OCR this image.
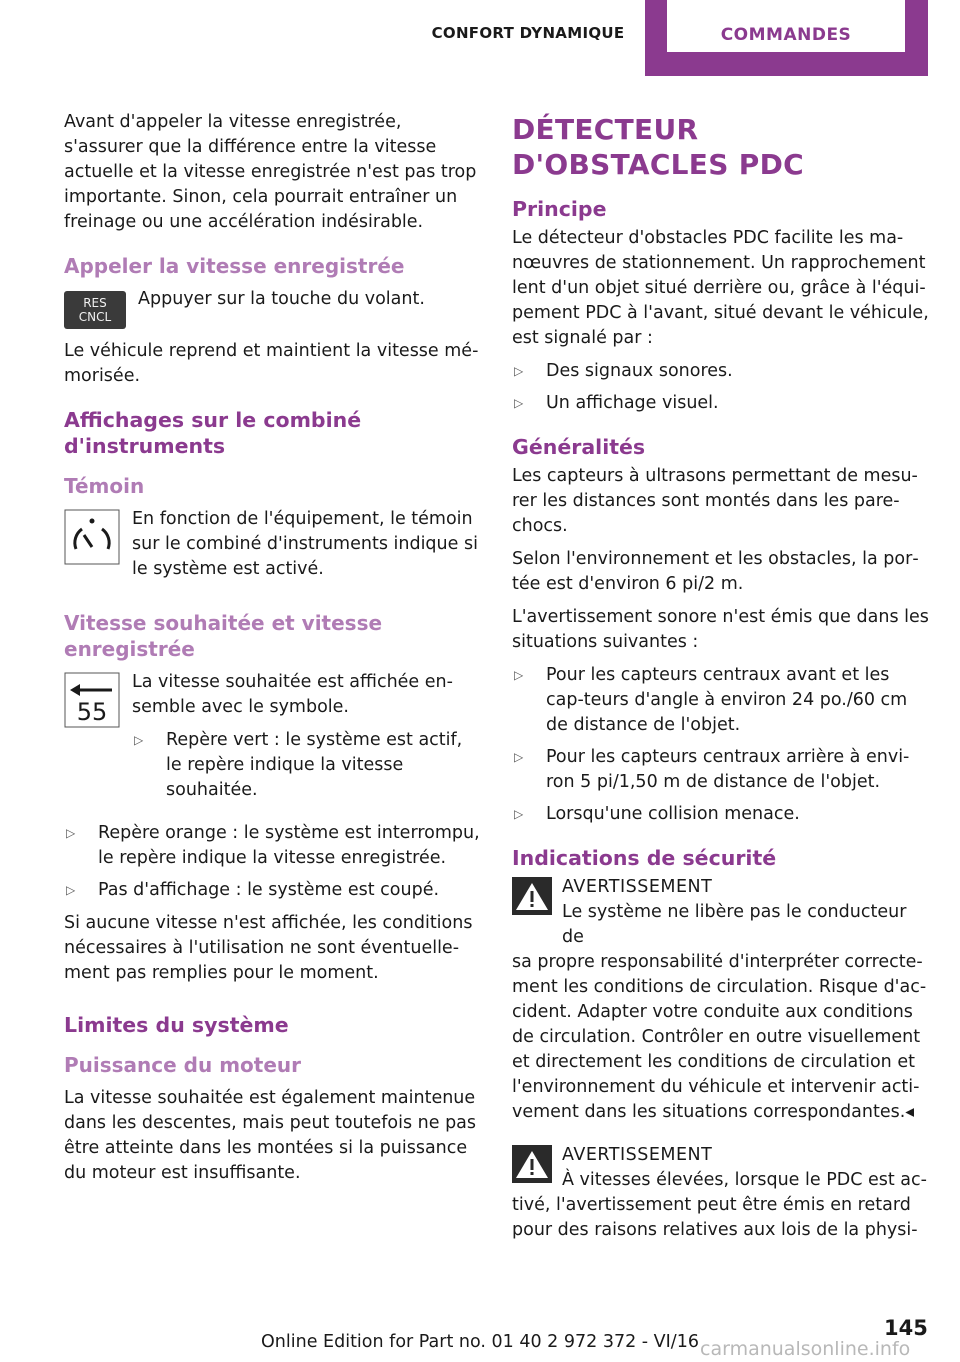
CONFORT DYNAMIQUE	COMMANDES

Avant d'appeler la vitesse enregistrée, s'assurer que la différence entre la vitesse actuelle et la vitesse enregistrée n'est pas trop importante. Sinon, cela pourrait entraîner un freinage ou une accélération indésirable.

Appeler la vitesse enregistrée
RES
CNCL

Appuyer sur la touche du volant.

Le véhicule reprend et maintient la vitesse mé‐morisée.

Affichages sur le combiné d'instruments
Témoin

En fonction de l'équipement, le témoin sur le combiné d'instruments indique si le système est activé.

Vitesse souhaitée et vitesse enregistrée
55

La vitesse souhaitée est affichée en‐semble avec le symbole.

▷ Repère vert : le système est actif, le repère indique la vitesse souhaitée.
▷ Repère orange : le système est interrompu, le repère indique la vitesse enregistrée.
▷ Pas d'affichage : le système est coupé.

Si aucune vitesse n'est affichée, les conditions nécessaires à l'utilisation ne sont éventuelle‐ment pas remplies pour le moment.

Limites du système
Puissance du moteur

La vitesse souhaitée est également maintenue dans les descentes, mais peut toutefois ne pas être atteinte dans les montées si la puissance du moteur est insuffisante.

DÉTECTEUR D'OBSTACLES PDC
Principe

Le détecteur d'obstacles PDC facilite les ma‐nœuvres de stationnement. Un rapprochement lent d'un objet situé derrière ou, grâce à l'équi‐pement PDC à l'avant, situé devant le véhicule, est signalé par :

▷ Des signaux sonores.
▷ Un affichage visuel.
Généralités

Les capteurs à ultrasons permettant de mesu‐rer les distances sont montés dans les pare-chocs.

Selon l'environnement et les obstacles, la por‐tée est d'environ 6 pi/2 m.

L'avertissement sonore n'est émis que dans les situations suivantes :

▷ Pour les capteurs centraux avant et les cap‐teurs d'angle à environ 24 po./60 cm de distance de l'objet.
▷ Pour les capteurs centraux arrière à envi‐ron 5 pi/1,50 m de distance de l'objet.
▷ Lorsqu'une collision menace.
Indications de sécurité
AVERTISSEMENT

Le système ne libère pas le conducteur de

sa propre responsabilité d'interpréter correcte‐ment les conditions de circulation. Risque d'ac‐cident. Adapter votre conduite aux conditions de circulation. Contrôler en outre visuellement et directement les conditions de circulation et l'environnement du véhicule et intervenir acti‐vement dans les situations correspondantes.◂

AVERTISSEMENT

À vitesses élevées, lorsque le PDC est ac‐

tivé, l'avertissement peut être émis en retard pour des raisons relatives aux lois de la physi‐

145
Online Edition for Part no. 01 40 2 972 372 - VI/16 carmanualsonline.info
